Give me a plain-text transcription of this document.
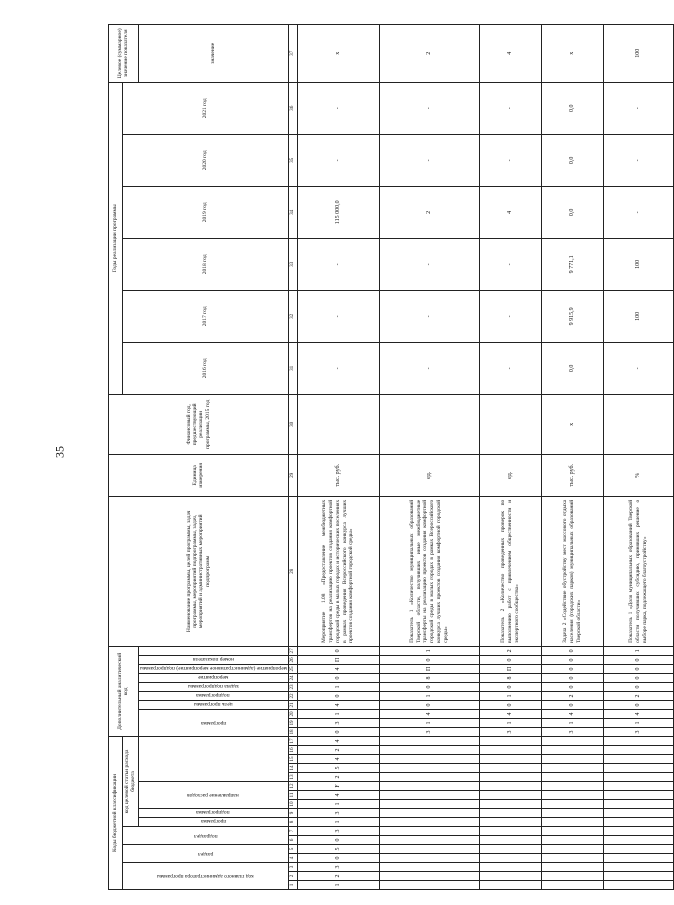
35
Коды бюджетной классификации																	Дополнительный аналитический код										Наименование программы, целей программы, задач программы, мероприятий подпрограммы, задач, мероприятий и административных мероприятий подпрограмм	Единица измерения	Финансовый год, предшествующий реализации программы, 2015 год	Годы реализации программы						Целевое (суммарное) значение показателя

код главного администратора программы			раздел		подраздел		код целевой статьи расхода бюджета																							2016 год	2017 год	2018 год	2019 год	2020 год	2021 год	

							программа	подпрограмма	направление расходов								программа			цель программы	подпрограмма	задача подпрограммы	мероприятие	мероприятие (административное мероприятие) подпрограммы	номер показателя											значение
1	2	3	4	5	6	7	8	9	10	11	12	13	14	15	16	17	18	19	20	21	22	23	24	25	26	27	28	29	30	31	32	33	34	35	36	37
1	2	3	0	5	0	3	1	3	1	4	F	2	5	4	2	4	0	3	1	4	0	1	0	4	П	0	Мероприятие 1.08 «Предоставление межбюджетных трансфертов на реализацию проектов создания комфортной городской среды в малых городах и исторических поселениях в рамках проведения Всероссийского конкурса лучших проектов создания комфортной городской среды»	тыс. руб.		-	-	-	115 000,0	-	-	х
																	3	1	4	0	1	0	8	П	0	1	Показатель 1 «Количество муниципальных образований Тверской области, получивших иные межбюджетные трансферты на реализацию проектов создания комфортной городской среды в малых городах в рамках Всероссийского конкурса лучших проектов создания комфортной городской среды»	ед.		-	-	-	2	-	-	2
																	3	1	4	0	1	0	8	П	0	2	Показатель 2 «Количество проведенных проверок по выполнению работ с привлечением общественности и экспертного сообщества»	ед.		-	-	-	4	-	-	4
																	3	1	4	0	2	0	0	0	0	0	Задача 2 «Содействие обустройству мест массового отдыха населения (городских парков) муниципальных образований Тверской области»	тыс. руб.	х	0,0	9 915,9	9 771,1	0,0	0,0	0,0	х
																	3	1	4	0	2	0	0	0	0	1	Показатель 1 «Доля муниципальных образований Тверской области получивших субсидию, принявших решение о выборе парка, подлежащего благоустройству»	%		-	100	100	-	-	-	100
